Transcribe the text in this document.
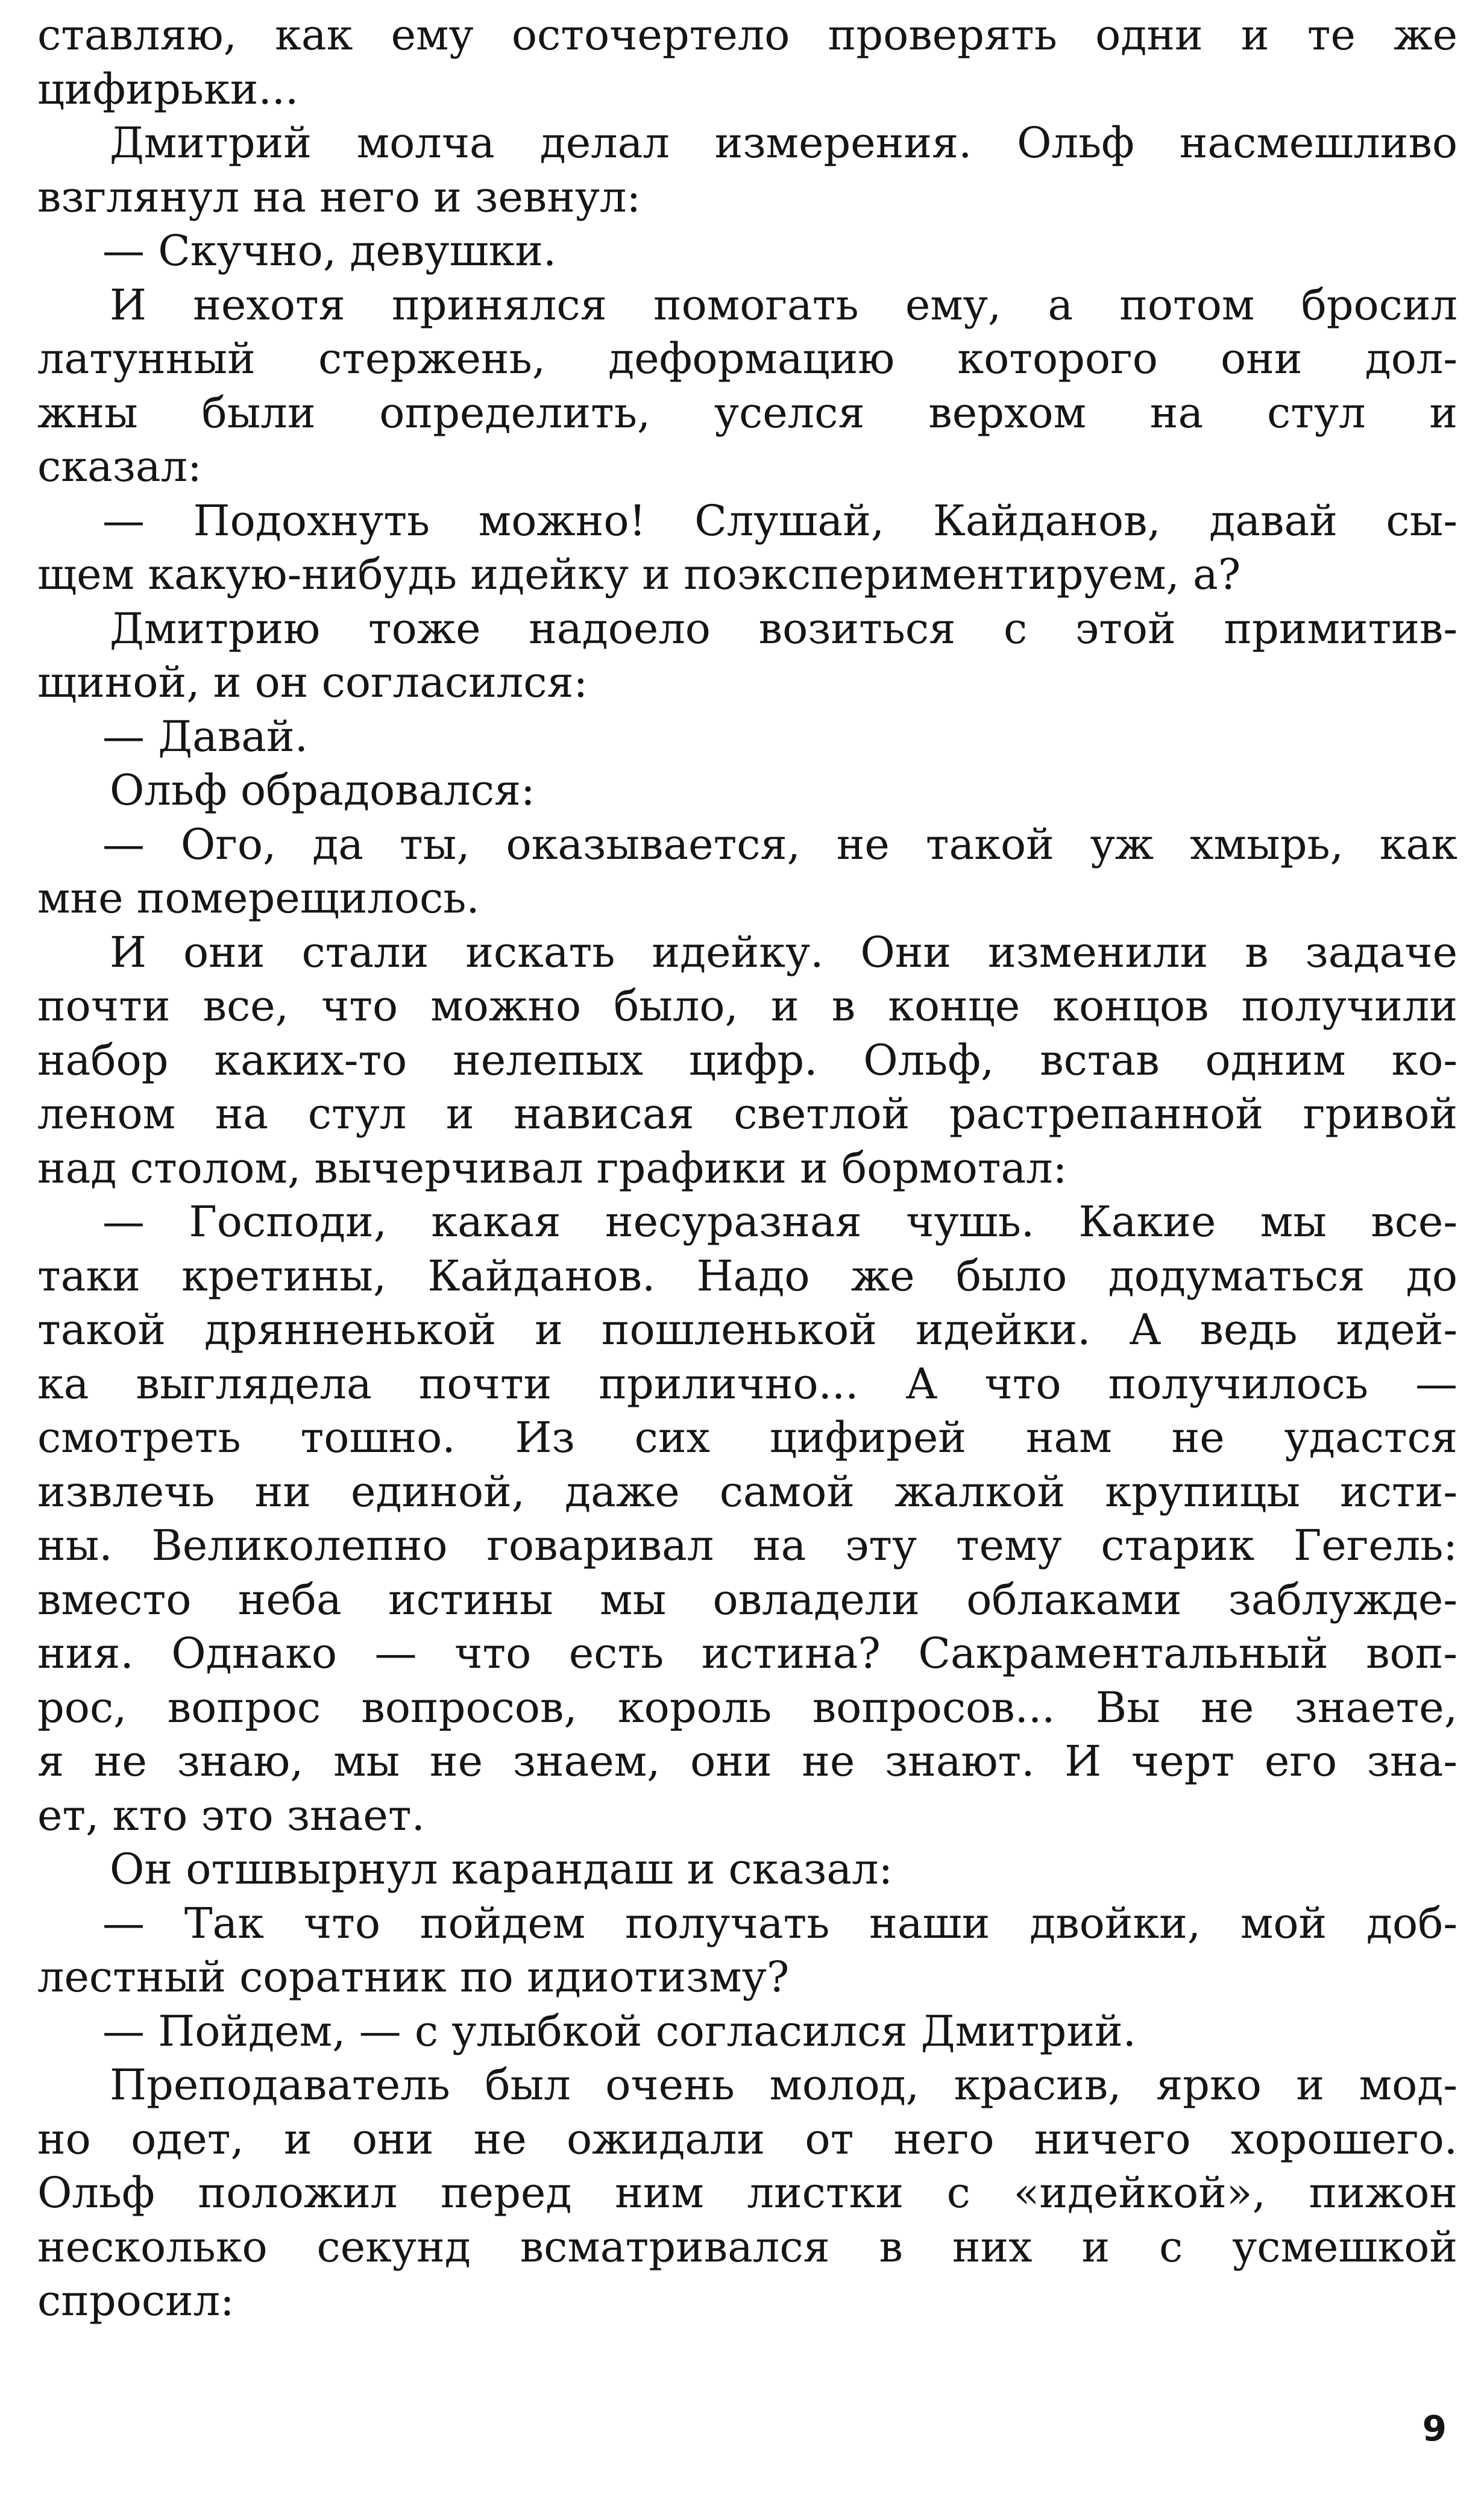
ставляю, как ему осточертело проверять одни и те же
цифирьки...
Дмитрий молча делал измерения. Ольф насмешливо
взглянул на него и зевнул:
— Скучно, девушки.
И нехотя принялся помогать ему, а потом бросил
латунный стержень, деформацию которого они дол-
жны были определить, уселся верхом на стул и
сказал:
— Подохнуть можно! Слушай, Кайданов, давай сы-
щем какую-нибудь идейку и поэкспериментируем, а?
Дмитрию тоже надоело возиться с этой примитив-
щиной, и он согласился:
— Давай.
Ольф обрадовался:
— Ого, да ты, оказывается, не такой уж хмырь, как
мне померещилось.
И они стали искать идейку. Они изменили в задаче
почти все, что можно было, и в конце концов получили
набор каких-то нелепых цифр. Ольф, встав одним ко-
леном на стул и нависая светлой растрепанной гривой
над столом, вычерчивал графики и бормотал:
— Господи, какая несуразная чушь. Какие мы все-
таки кретины, Кайданов. Надо же было додуматься до
такой дрянненькой и пошленькой идейки. А ведь идей-
ка выглядела почти прилично... А что получилось —
смотреть тошно. Из сих цифирей нам не удастся
извлечь ни единой, даже самой жалкой крупицы исти-
ны. Великолепно говаривал на эту тему старик Гегель:
вместо неба истины мы овладели облаками заблужде-
ния. Однако — что есть истина? Сакраментальный воп-
рос, вопрос вопросов, король вопросов... Вы не знаете,
я не знаю, мы не знаем, они не знают. И черт его зна-
ет, кто это знает.
Он отшвырнул карандаш и сказал:
— Так что пойдем получать наши двойки, мой доб-
лестный соратник по идиотизму?
— Пойдем, — с улыбкой согласился Дмитрий.
Преподаватель был очень молод, красив, ярко и мод-
но одет, и они не ожидали от него ничего хорошего.
Ольф положил перед ним листки с «идейкой», пижон
несколько секунд всматривался в них и с усмешкой
спросил:
9
